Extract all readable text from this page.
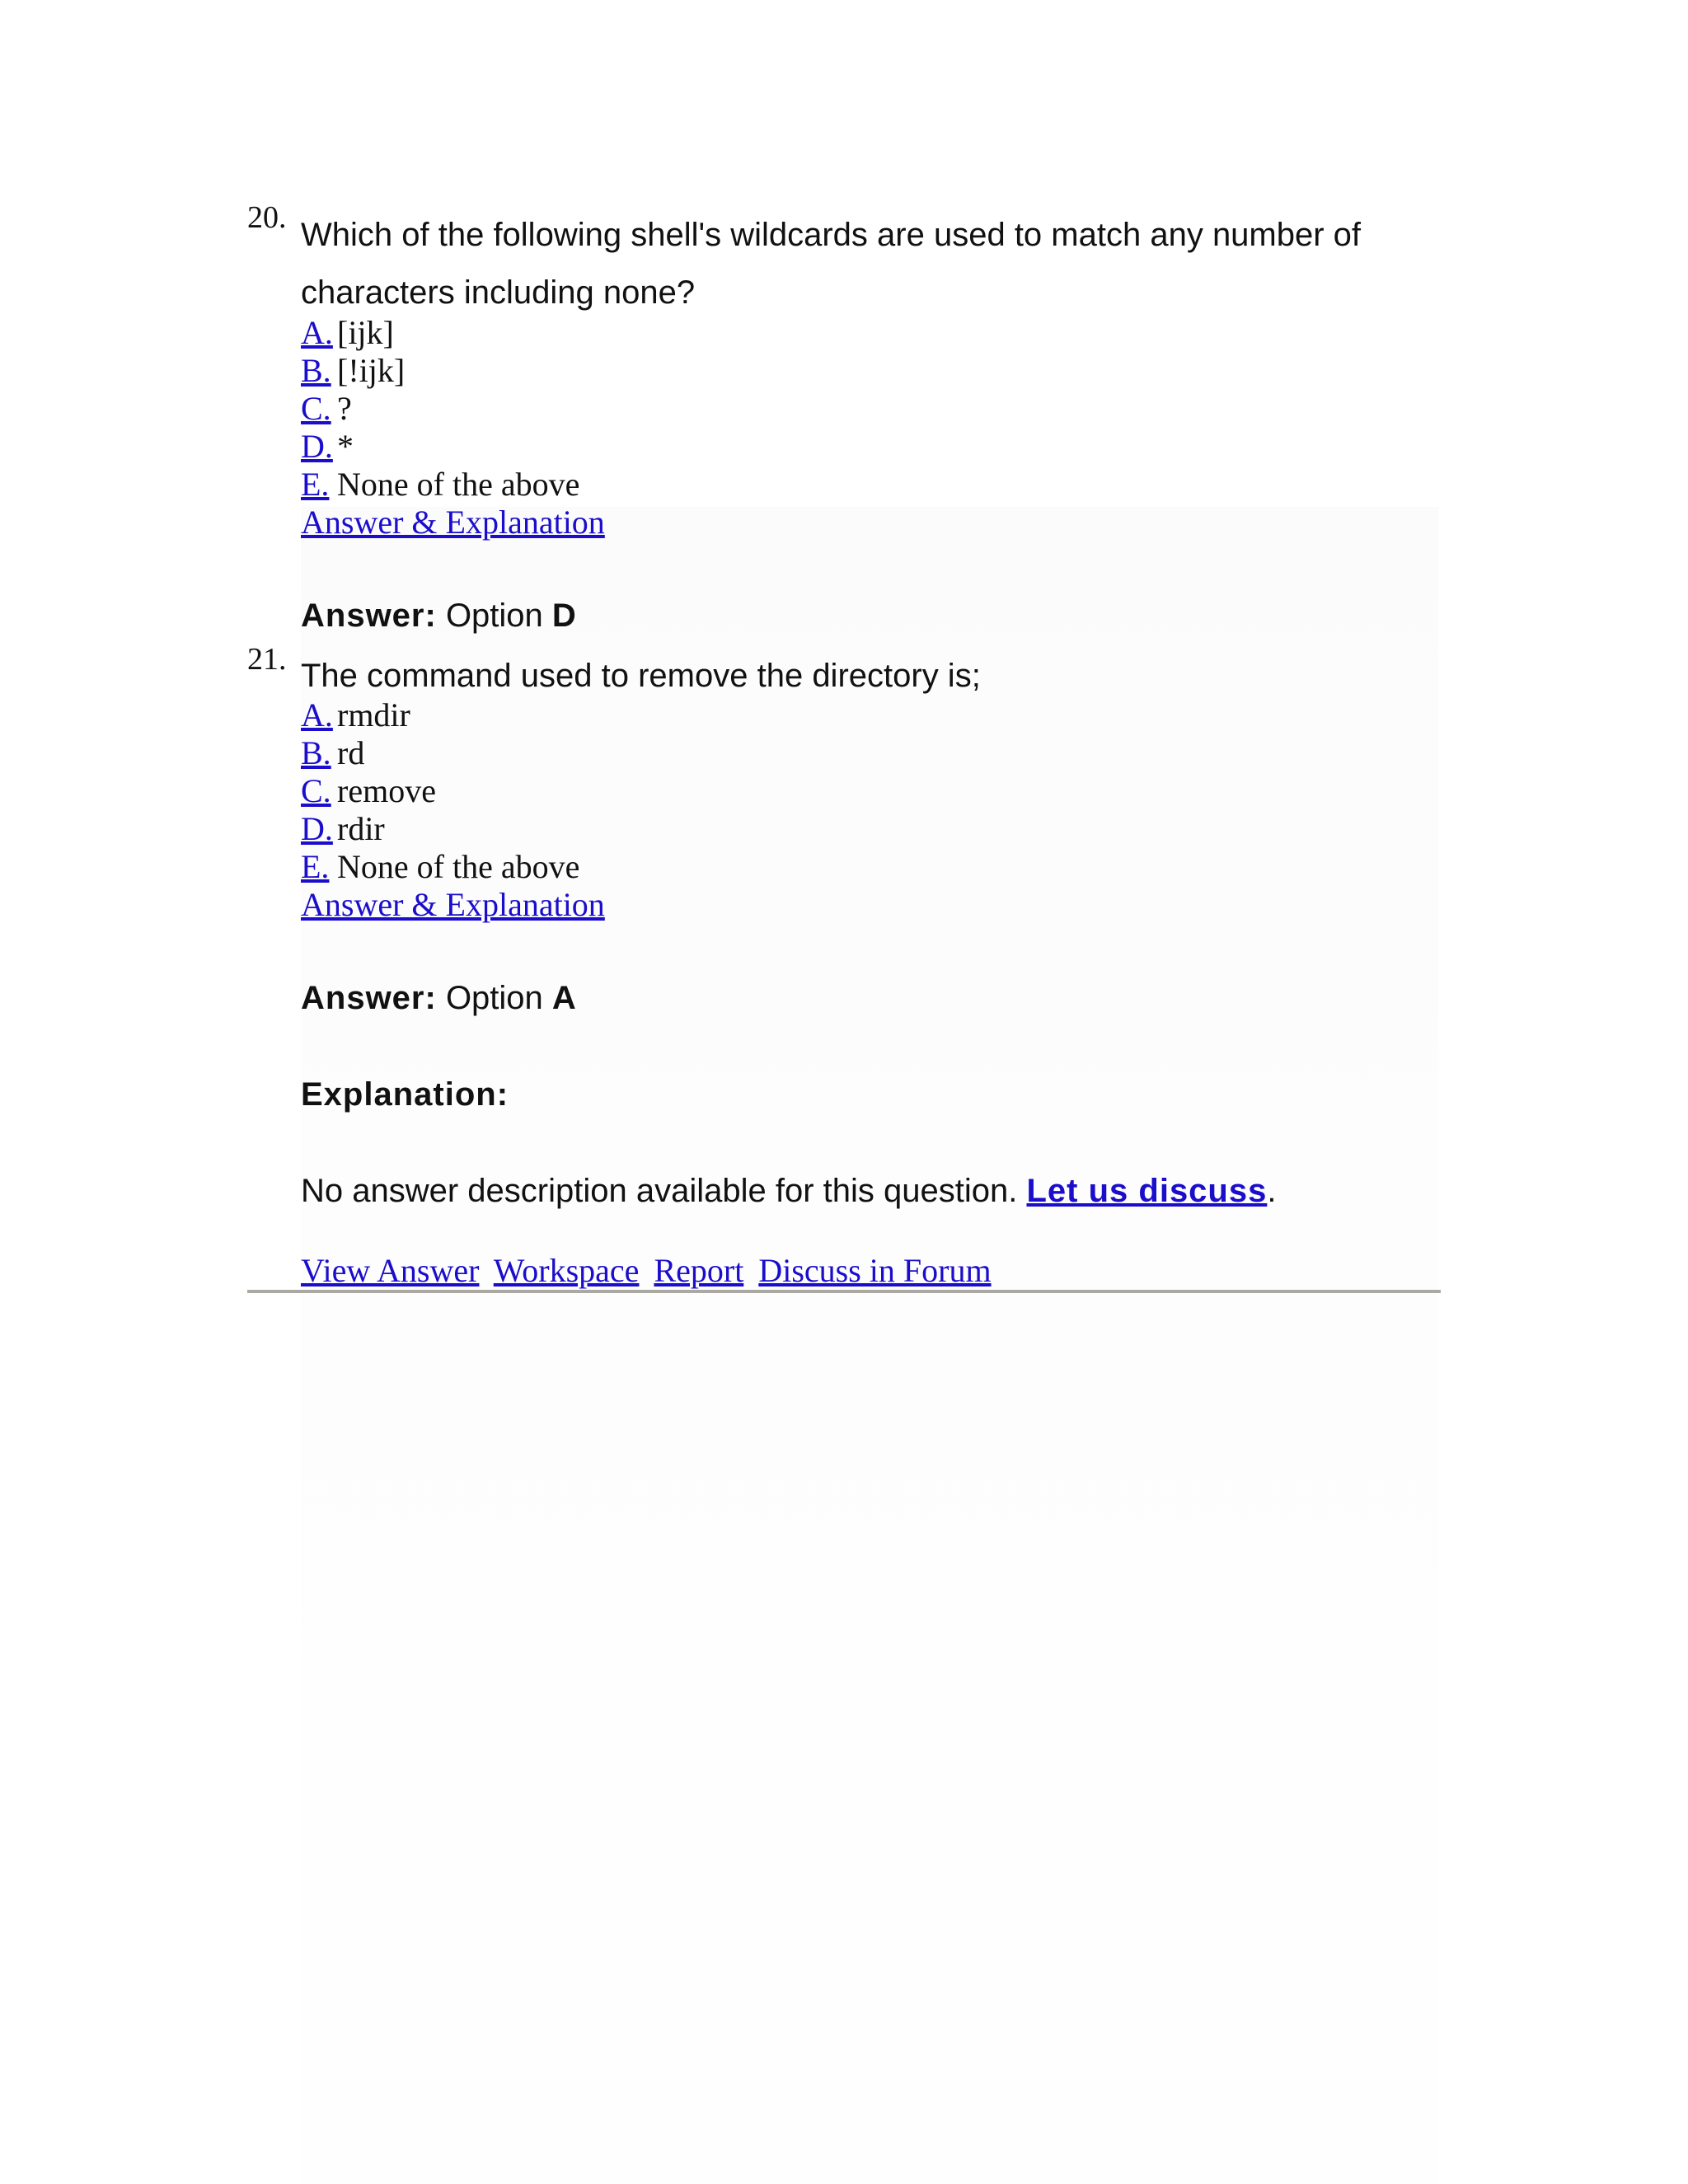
20. Which of the following shell's wildcards are used to match any number of characters including none?
A. [ijk]
B. [!ijk]
C. ?
D. *
E. None of the above
Answer & Explanation
Answer: Option D
21. The command used to remove the directory is;
A. rmdir
B. rd
C. remove
D. rdir
E. None of the above
Answer & Explanation
Answer: Option A
Explanation:
No answer description available for this question. Let us discuss.
View Answer Workspace Report Discuss in Forum
